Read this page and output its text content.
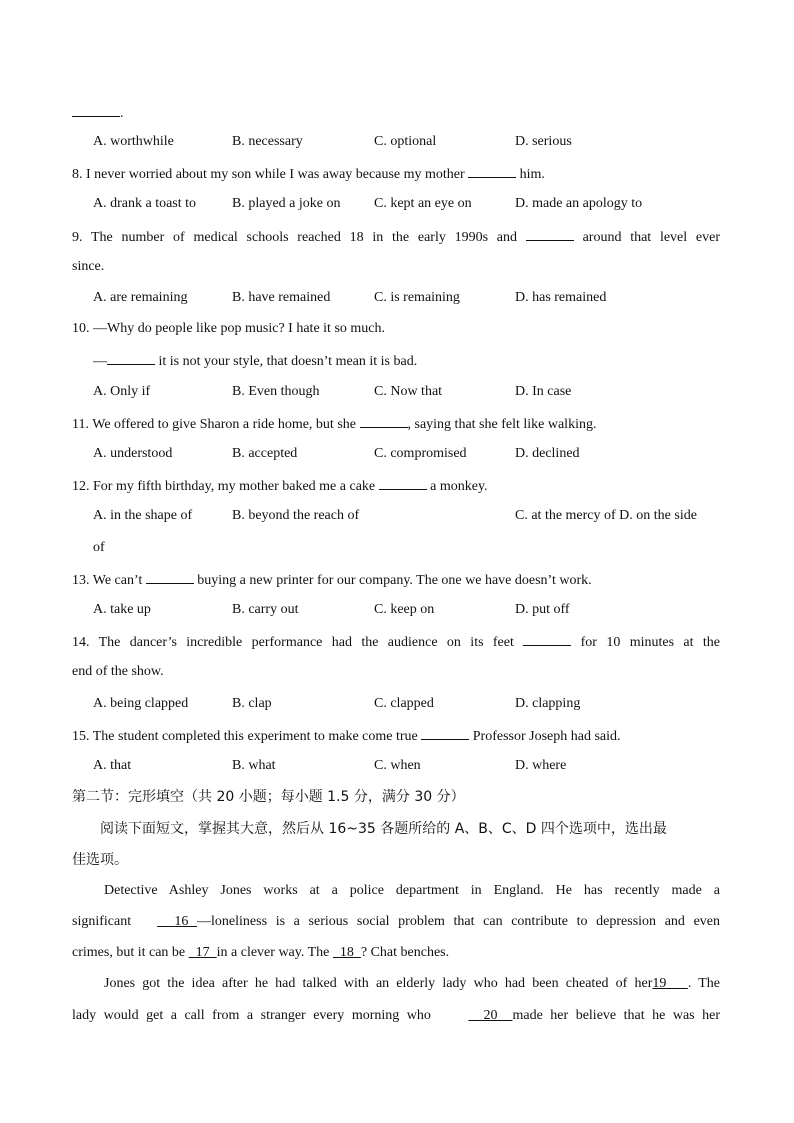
.
A. worthwhile	B. necessary	C. optional	D. serious
8. I never worried about my son while I was away because my mother	him.
A. drank a toast to	B. played a joke on C. kept an eye on	D. made an apology to
9. The number of medical schools reached 18 in the early 1990s and	around that level ever
since.
A. are remaining	B. have remained	C. is remaining	D. has remained
10. —Why do people like pop music? I hate it so much.
—	it is not your style, that doesn’t mean it is bad.
A. Only if	B. Even though	C. Now that	D. In case
11. We offered to give Sharon a ride home, but she	, saying that she felt like walking.
A. understood	B. accepted	C. compromised	D. declined
12. For my fifth birthday, my mother baked me a cake	a monkey.
A. in the shape of	B. beyond the reach of	C. at the mercy of D. on the side
of
13. We can’t	buying a new printer for our company. The one we have doesn’t work.
A. take up	B. carry out	C. keep on	D. put off
14. The dancer’s incredible performance had the audience on its feet	for 10 minutes at the
end of the show.
A. being clapped	B. clap	C. clapped	D. clapping
15. The student completed this experiment to make come true	Professor Joseph had said.
A. that	B. what	C. when	D. where
第二节：完形填空（共 20 小题；每小题 1.5 分，满分 30 分）
阅读下面短文，掌握其大意，然后从 16~35 各题所给的 A、B、C、D 四个选项中，选出最
佳选项。
Detective Ashley Jones works at a police department in England. He has recently made a
significant	16 —loneliness is a serious social problem that can contribute to depression and even
crimes, but it can be 17 in a clever way. The 18 ? Chat benches.
Jones got the idea after he had talked with an elderly lady who had been cheated of her19 . The
lady would get a call from a stranger every morning who	20 made her believe that he was her
